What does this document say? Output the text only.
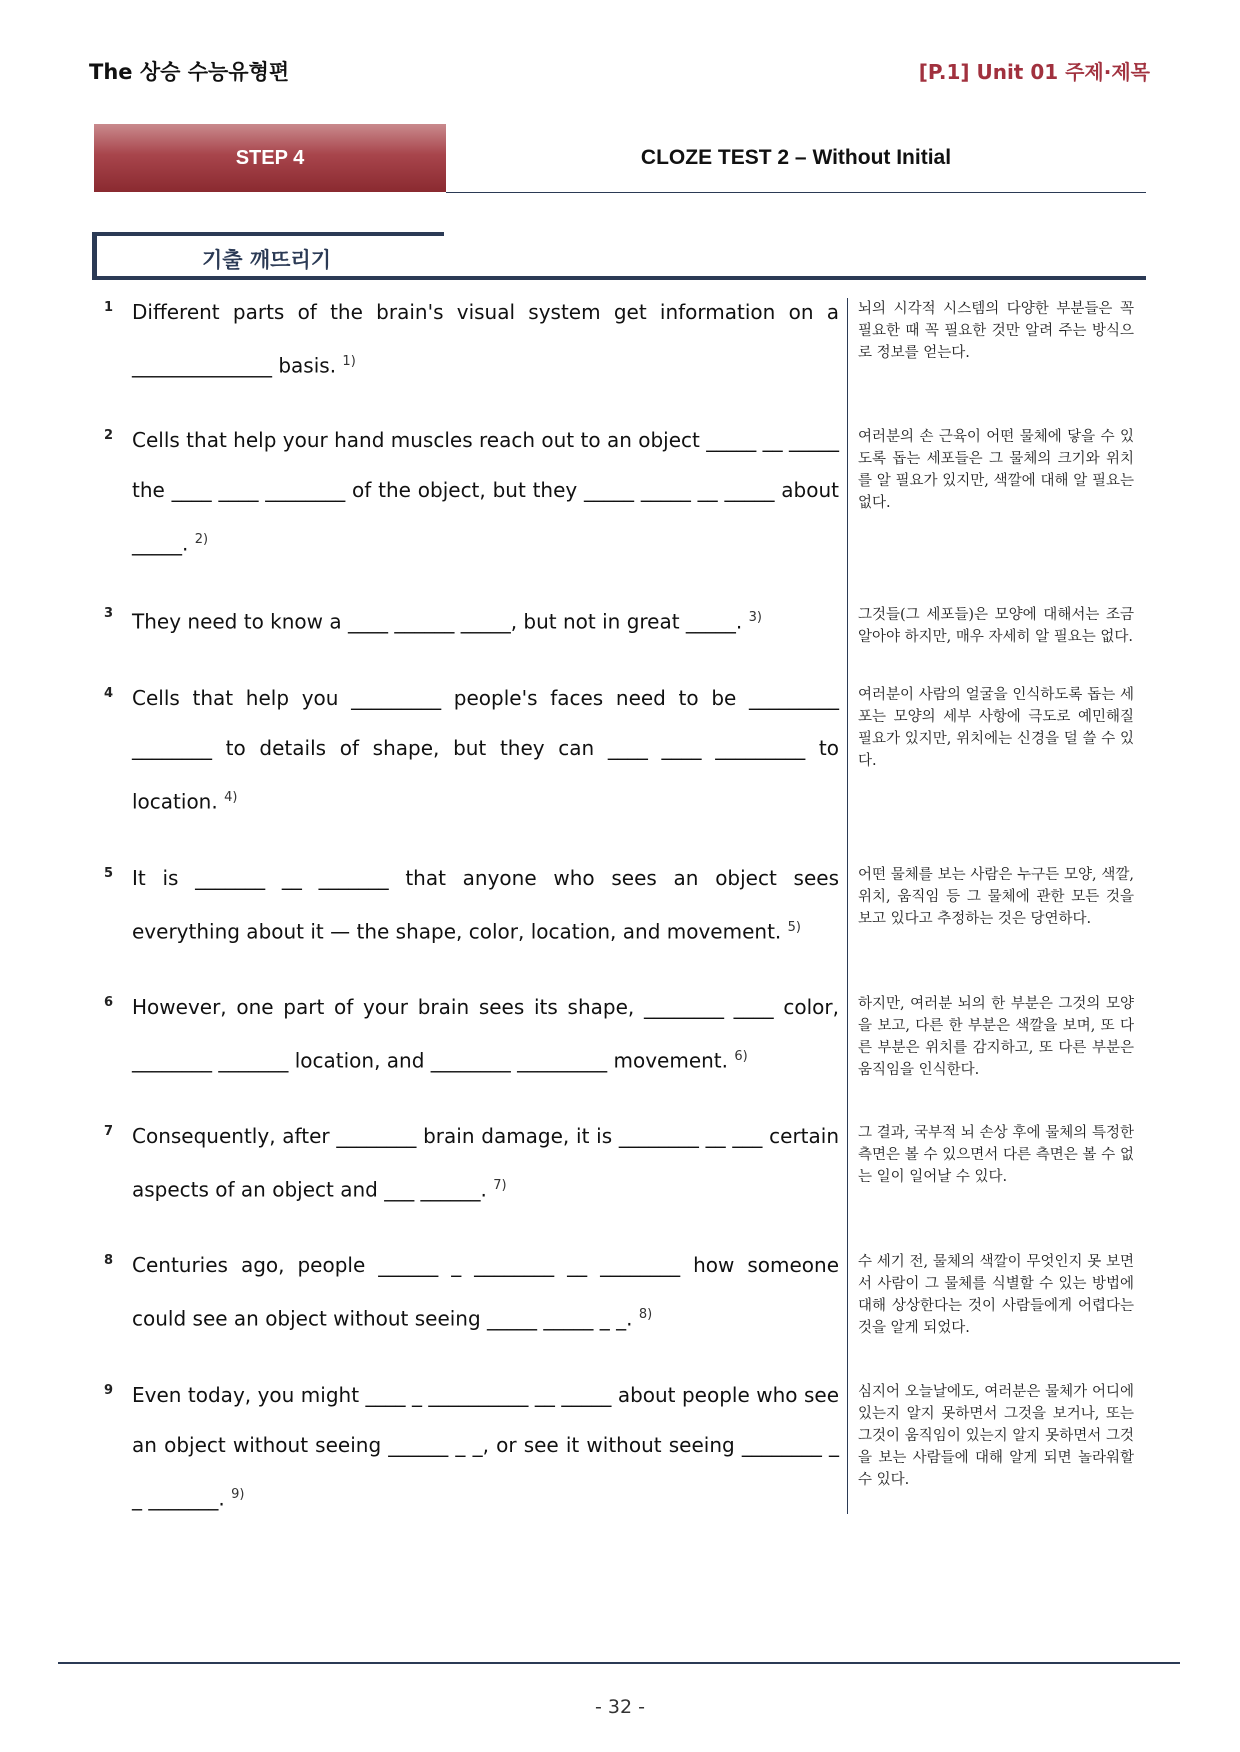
The 상승 수능유형편	[P.1] Unit 01 주제·제목
STEP 4	CLOZE TEST 2 – Without Initial
기출 깨뜨리기
1 Different parts of the brain's visual system get information on a ______________ basis. $^{1)}$
뇌의 시각적 시스템의 다양한 부분들은 꼭 필요한 때 꼭 필요한 것만 알려 주는 방식으로 정보를 얻는다.
2 Cells that help your hand muscles reach out to an object _____ __ _____ the ____ ____ ________ of the object, but they _____ _____ __ _____ about _____. $^{2)}$
여러분의 손 근육이 어떤 물체에 닿을 수 있도록 돕는 세포들은 그 물체의 크기와 위치를 알 필요가 있지만, 색깔에 대해 알 필요는 없다.
3 They need to know a ____ ______ _____, but not in great _____. $^{3)}$	그것들(그 세포들)은 모양에 대해서는 조금 알아야 하지만, 매우 자세히 알 필요는 없다.
4 Cells that help you _________ people's faces need to be _________ ________ to details of shape, but they can ____ ____ _________ to location. $^{4)}$
여러분이 사람의 얼굴을 인식하도록 돕는 세포는 모양의 세부 사항에 극도로 예민해질 필요가 있지만, 위치에는 신경을 덜 쓸 수 있다.
5 It is _______ __ _______ that anyone who sees an object sees everything about it — the shape, color, location, and movement. $^{5)}$
어떤 물체를 보는 사람은 누구든 모양, 색깔, 위치, 움직임 등 그 물체에 관한 모든 것을 보고 있다고 추정하는 것은 당연하다.
6 However, one part of your brain sees its shape, ________ ____ color, ________ _______ location, and ________ _________ movement. $^{6)}$
하지만, 여러분 뇌의 한 부분은 그것의 모양을 보고, 다른 한 부분은 색깔을 보며, 또 다른 부분은 위치를 감지하고, 또 다른 부분은 움직임을 인식한다.
7 Consequently, after ________ brain damage, it is ________ __ ___ certain aspects of an object and ___ ______. $^{7)}$
그 결과, 국부적 뇌 손상 후에 물체의 특정한 측면은 볼 수 있으면서 다른 측면은 볼 수 없는 일이 일어날 수 있다.
8 Centuries ago, people ______ _ ________ __ ________ how someone could see an object without seeing _____ _____ _ _. $^{8)}$
수 세기 전, 물체의 색깔이 무엇인지 못 보면서 사람이 그 물체를 식별할 수 있는 방법에 대해 상상한다는 것이 사람들에게 어렵다는 것을 알게 되었다.
9 Even today, you might ____ _ __________ __ _____ about people who see an object without seeing ______ _ _, or see it without seeing ________ _ _ _______. $^{9)}$
심지어 오늘날에도, 여러분은 물체가 어디에 있는지 알지 못하면서 그것을 보거나, 또는 그것이 움직임이 있는지 알지 못하면서 그것을 보는 사람들에 대해 알게 되면 놀라워할 수 있다.
- 32 -
